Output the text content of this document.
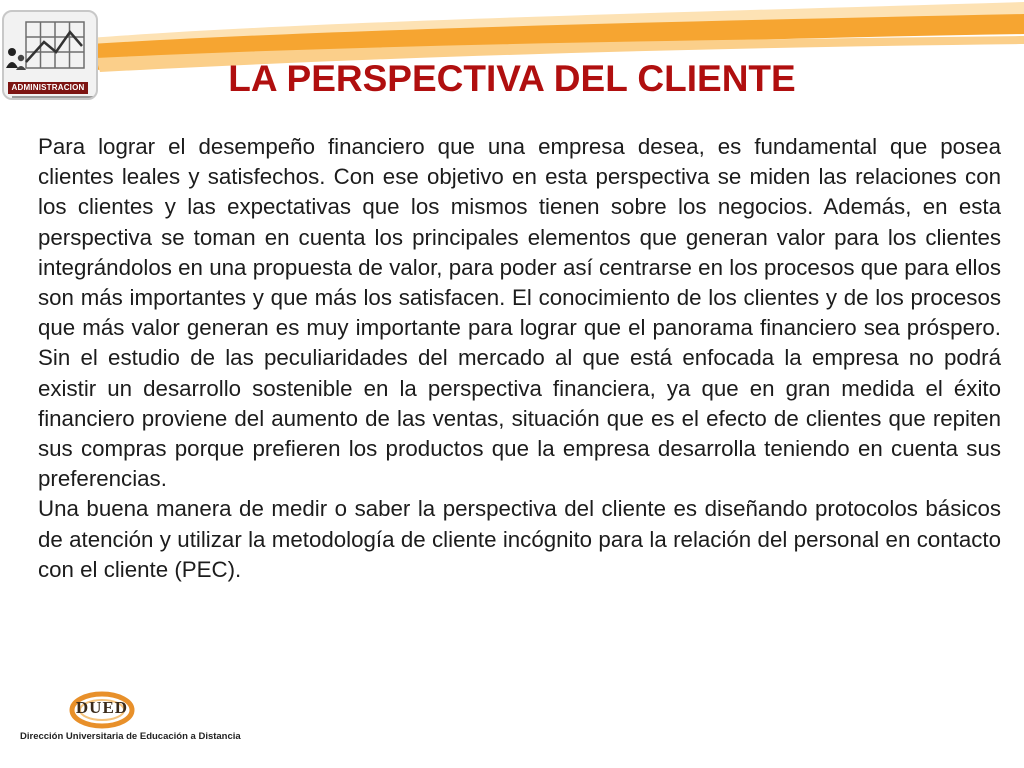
ADMINISTRACION	LA PERSPECTIVA DEL CLIENTE

Para lograr el desempeño financiero que una empresa desea, es fundamental que posea clientes leales y satisfechos. Con ese objetivo en esta perspectiva se miden las relaciones con los clientes y las expectativas que los mismos tienen sobre los negocios. Además, en esta perspectiva se toman en cuenta los principales elementos que generan valor para los clientes integrándolos en una propuesta de valor, para poder así centrarse en los procesos que para ellos son más importantes y que más los satisfacen. El conocimiento de los clientes y de los procesos que más valor generan es muy importante para lograr que el panorama financiero sea próspero. Sin el estudio de las peculiaridades del mercado al que está enfocada la empresa no podrá existir un desarrollo sostenible en la perspectiva financiera, ya que en gran medida el éxito financiero proviene del aumento de las ventas, situación que es el efecto de clientes que repiten sus compras porque prefieren los productos que la empresa desarrolla teniendo en cuenta sus preferencias.

Una buena manera de medir o saber la perspectiva del cliente es diseñando protocolos básicos de atención y utilizar la metodología de cliente incógnito para la relación del personal en contacto con el cliente (PEC).

DUED
Dirección Universitaria de Educación a Distancia
